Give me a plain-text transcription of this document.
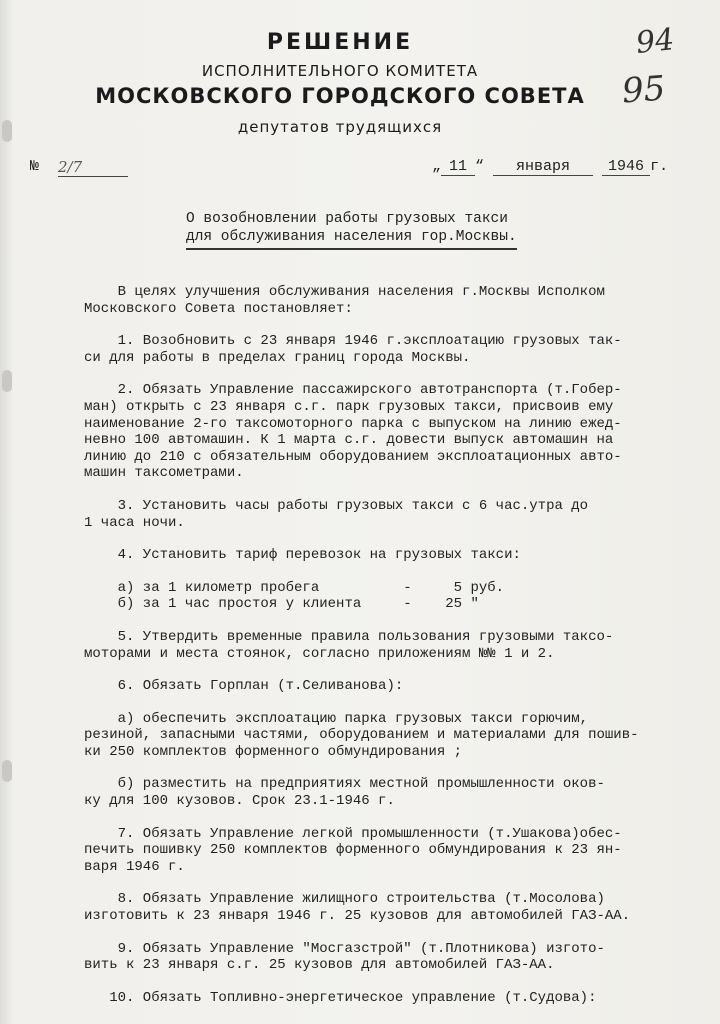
РЕШЕНИЕ
ИСПОЛНИТЕЛЬНОГО КОМИТЕТА
МОСКОВСКОГО ГОРОДСКОГО СОВЕТА
депутатов трудящихся
94
95
№ 2/7	„ 11 “ января	1946 г.
О возобновлении работы грузовых такси
для обслуживания населения гор.Москвы.

В целях улучшения обслуживания населения г.Москвы Исполком

Московского Совета постановляет:

1. Возобновить с 23 января 1946 г.эксплоатацию грузовых так-

си для работы в пределах границ города Москвы.

2. Обязать Управление пассажирского автотранспорта (т.Гобер-

ман) открыть с 23 января с.г. парк грузовых такси, присвоив ему

наименование 2-го таксомоторного парка с выпуском на линию ежед-

невно 100 автомашин. К 1 марта с.г. довести выпуск автомашин на

линию до 210 с обязательным оборудованием эксплоатационных авто-

машин таксометрами.

3. Установить часы работы грузовых такси с 6 час.утра до

1 часа ночи.

4. Установить тариф перевозок на грузовых такси:

а) за 1 километр пробега          -     5 руб.

б) за 1 час простоя у клиента     -    25 "

5. Утвердить временные правила пользования грузовыми таксо-

моторами и места стоянок, согласно приложениям №№ 1 и 2.

6. Обязать Горплан (т.Селиванова):

а) обеспечить эксплоатацию парка грузовых такси горючим,

резиной, запасными частями, оборудованием и материалами для пошив-

ки 250 комплектов форменного обмундирования ;

б) разместить на предприятиях местной промышленности оков-

ку для 100 кузовов. Срок 23.1-1946 г.

7. Обязать Управление легкой промышленности (т.Ушакова)обес-

печить пошивку 250 комплектов форменного обмундирования к 23 ян-

варя 1946 г.

8. Обязать Управление жилищного строительства (т.Мосолова)

изготовить к 23 января 1946 г. 25 кузовов для автомобилей ГАЗ-АА.

9. Обязать Управление "Мосгазстрой" (т.Плотникова) изгото-

вить к 23 января с.г. 25 кузовов для автомобилей ГАЗ-АА.

10. Обязать Топливно-энергетическое управление (т.Судова):
